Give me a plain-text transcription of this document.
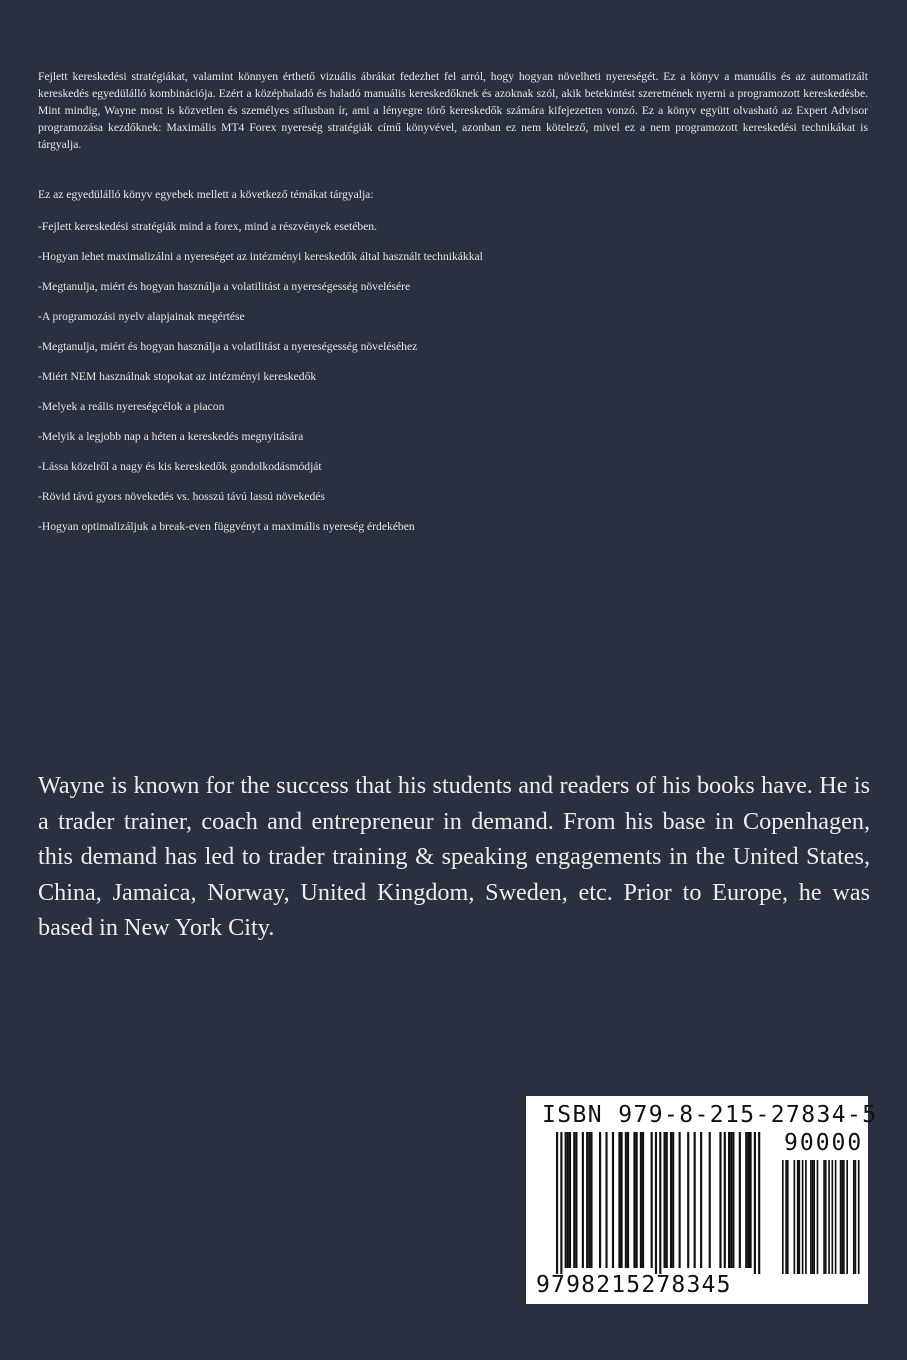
Fejlett kereskedési stratégiákat, valamint könnyen érthető vizuális ábrákat fedezhet fel arról, hogy hogyan növelheti nyereségét. Ez a könyv a manuális és az automatizált kereskedés egyedülálló kombinációja. Ezért a középhaladó és haladó manuális kereskedőknek és azoknak szól, akik betekintést szeretnének nyerni a programozott kereskedésbe. Mint mindig, Wayne most is közvetlen és személyes stílusban ír, ami a lényegre törő kereskedők számára kifejezetten vonzó. Ez a könyv együtt olvasható az Expert Advisor programozása kezdőknek: Maximális MT4 Forex nyereség stratégiák című könyvével, azonban ez nem kötelező, mivel ez a nem programozott kereskedési technikákat is tárgyalja.

Ez az egyedülálló könyv egyebek mellett a következő témákat tárgyalja:

-Fejlett kereskedési stratégiák mind a forex, mind a részvények esetében.
-Hogyan lehet maximalizálni a nyereséget az intézményi kereskedők által használt technikákkal
-Megtanulja, miért és hogyan használja a volatilitást a nyereségesség növelésére
-A programozási nyelv alapjainak megértése
-Megtanulja, miért és hogyan használja a volatilitást a nyereségesség növeléséhez
-Miért NEM használnak stopokat az intézményi kereskedők
-Melyek a reális nyereségcélok a piacon
-Melyik a legjobb nap a héten a kereskedés megnyitására
-Lássa közelről a nagy és kis kereskedők gondolkodásmódját
-Rövid távú gyors növekedés vs. hosszú távú lassú növekedés
-Hogyan optimalizáljuk a break-even függvényt a maximális nyereség érdekében

Wayne is known for the success that his students and readers of his books have. He is a trader trainer, coach and entrepreneur in demand. From his base in Copenhagen, this demand has led to trader training & speaking engagements in the United States, China, Jamaica, Norway, United Kingdom, Sweden, etc. Prior to Europe, he was based in New York City.

ISBN 979-8-215-27834-5
90000
9798215278345
